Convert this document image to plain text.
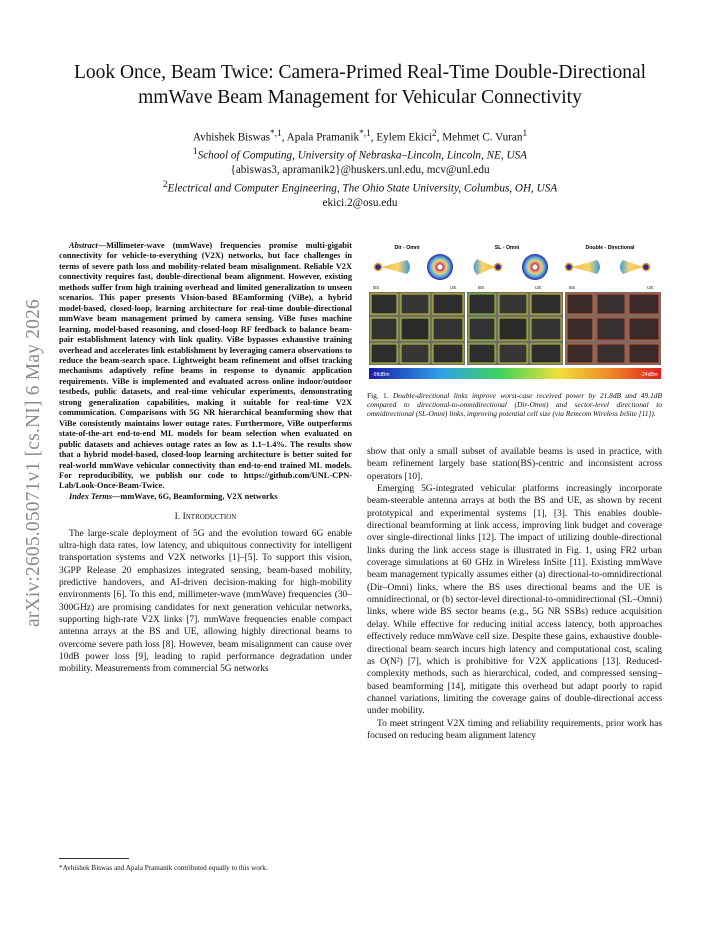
arXiv:2605.05071v1 [cs.NI] 6 May 2026
Look Once, Beam Twice: Camera-Primed Real-Time Double-Directional mmWave Beam Management for Vehicular Connectivity
Avhishek Biswas$^{*,1}$, Apala Pramanik$^{*,1}$, Eylem Ekici$^2$, Mehmet C. Vuran$^1$
$^1$School of Computing, University of Nebraska–Lincoln, Lincoln, NE, USA
{abiswas3, apramanik2}@huskers.unl.edu, mcv@unl.edu
$^2$Electrical and Computer Engineering, The Ohio State University, Columbus, OH, USA
ekici.2@osu.edu

Abstract—Millimeter-wave (mmWave) frequencies promise multi-gigabit connectivity for vehicle-to-everything (V2X) networks, but face challenges in terms of severe path loss and mobility-related beam misalignment. Reliable V2X connectivity requires fast, double-directional beam alignment. However, existing methods suffer from high training overhead and limited generalization to unseen scenarios. This paper presents VIsion-based BEamforming (ViBe), a hybrid model-based, closed-loop, learning architecture for real-time double-directional mmWave beam management primed by camera sensing. ViBe fuses machine learning, model-based reasoning, and closed-loop RF feedback to balance beam-pair establishment latency with link quality. ViBe bypasses exhaustive training overhead and accelerates link establishment by leveraging camera observations to reduce the beam-search space. Lightweight beam refinement and offset tracking mechanisms adaptively refine beams in response to dynamic application requirements. ViBe is implemented and evaluated across online indoor/outdoor testbeds, public datasets, and real-time vehicular experiments, demonstrating strong generalization capabilities, making it suitable for real-time V2X communication. Comparisons with 5G NR hierarchical beamforming show that ViBe consistently maintains lower outage rates. Furthermore, ViBe outperforms state-of-the-art end-to-end ML models for beam selection when evaluated on public datasets and achieves outage rates as low as 1.1–1.4%. The results show that a hybrid model-based, closed-loop learning architecture is better suited for real-world mmWave vehicular connectivity than end-to-end trained ML models. For reproducibility, we publish our code to https://github.com/UNL-CPN-Lab/Look-Once-Beam-Twice.

Index Terms—mmWave, 6G, Beamforming, V2X networks

I. Introduction

The large-scale deployment of 5G and the evolution toward 6G enable ultra-high data rates, low latency, and ubiquitous connectivity for intelligent transportation systems and V2X networks [1]–[5]. To support this vision, 3GPP Release 20 emphasizes integrated sensing, beam-based mobility, predictive handovers, and AI-driven decision-making for high-mobility environments [6]. To this end, millimeter-wave (mmWave) frequencies (30–300GHz) are promising candidates for next generation vehicular networks, supporting high-rate V2X links [7]. mmWave frequencies enable compact antenna arrays at the BS and UE, allowing highly directional beams to overcome severe path loss [8]. However, beam misalignment can cause over 10dB power loss [9], leading to rapid performance degradation under mobility. Measurements from commercial 5G networks

*Avhishek Biswas and Apala Pramanik contributed equally to this work.
Dir - Omni	SL - Omni	Double - Directional
BS	UE	BS	UE	BS	UE
-98dBm	-24dBm
Fig. 1. Double-directional links improve worst-case received power by 21.8dB and 49.1dB compared to directional-to-omnidirectional (Dir-Omni) and sector-level directional to omnidirectional (SL-Omni) links, improving potential cell size (via Remcom Wireless InSite [11]).

show that only a small subset of available beams is used in practice, with beam refinement largely base station(BS)-centric and inconsistent across operators [10].

Emerging 5G-integrated vehicular platforms increasingly incorporate beam-steerable antenna arrays at both the BS and UE, as shown by recent prototypical and experimental systems [1], [3]. This enables double-directional beamforming at link access, improving link budget and coverage over single-directional links [12]. The impact of utilizing double-directional links during the link access stage is illustrated in Fig. 1, using FR2 urban coverage simulations at 60 GHz in Wireless InSite [11]. Existing mmWave beam management typically assumes either (a) directional-to-omnidirectional (Dir–Omni) links, where the BS uses directional beams and the UE is omnidirectional, or (b) sector-level directional-to-omnidirectional (SL–Omni) links, where wide BS sector beams (e.g., 5G NR SSBs) reduce acquisition delay. While effective for reducing initial access latency, both approaches effectively reduce mmWave cell size. Despite these gains, exhaustive double-directional beam search incurs high latency and computational cost, scaling as O(N²) [7], which is prohibitive for V2X applications [13]. Reduced-complexity methods, such as hierarchical, coded, and compressed sensing–based beamforming [14], mitigate this overhead but adapt poorly to rapid channel variations, limiting the coverage gains of double-directional access under mobility.

To meet stringent V2X timing and reliability requirements, prior work has focused on reducing beam alignment latency
